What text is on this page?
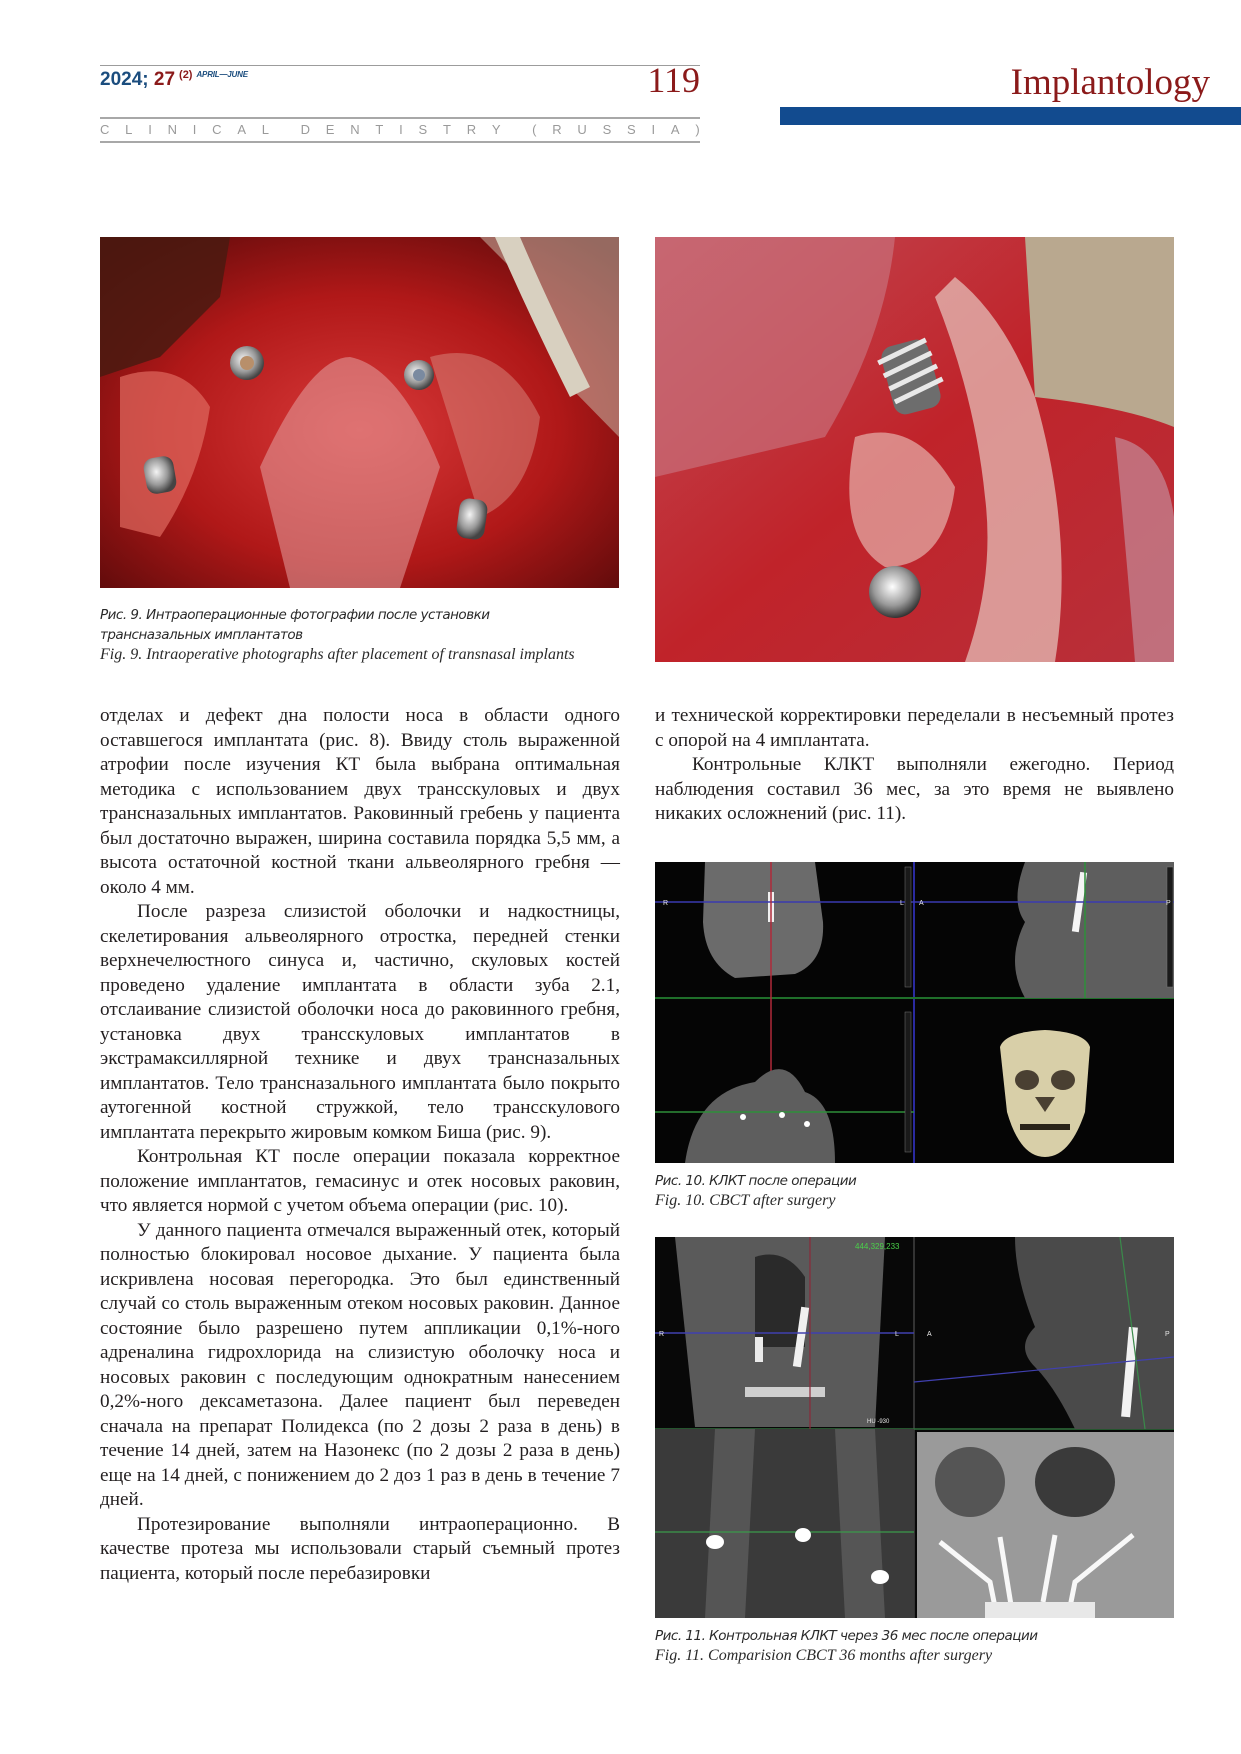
2024; 27 $^{(2)}$ $^{APRIL—JUNE}$	119
C L I N I C A L D E N T I S T R Y ( R U S S I A )
Implantology
Рис. 9. Интраоперационные фотографии после установки
трансназальных имплантатов
Fig. 9. Intraoperative photographs after placement of transnasal implants

отделах и дефект дна полости носа в области одного оставшегося имплантата (рис. 8). Ввиду столь выраженной атрофии после изучения КТ была выбрана оптимальная методика с использованием двух трансскуловых и двух трансназальных имплантатов. Раковинный гребень у пациента был достаточно выражен, ширина составила порядка 5,5 мм, а высота остаточной костной ткани альвеолярного гребня — около 4 мм.

После разреза слизистой оболочки и надкостницы, скелетирования альвеолярного отростка, передней стенки верхнечелюстного синуса и, частично, скуловых костей проведено удаление имплантата в области зуба 2.1, отслаивание слизистой оболочки носа до раковинного гребня, установка двух трансскуловых имплантатов в экстрамаксиллярной технике и двух трансназальных имплантатов. Тело трансназального имплантата было покрыто аутогенной костной стружкой, тело трансскулового имплантата перекрыто жировым комком Биша (рис. 9).

Контрольная КТ после операции показала корректное положение имплантатов, гемасинус и отек носовых раковин, что является нормой с учетом объема операции (рис. 10).

У данного пациента отмечался выраженный отек, который полностью блокировал носовое дыхание. У пациента была искривлена носовая перегородка. Это был единственный случай со столь выраженным отеком носовых раковин. Данное состояние было разрешено путем аппликации 0,1%-ного адреналина гидрохлорида на слизистую оболочку носа и носовых раковин с последующим однократным нанесением 0,2%-ного дексаметазона. Далее пациент был переведен сначала на препарат Полидекса (по 2 дозы 2 раза в день) в течение 14 дней, затем на Назонекс (по 2 дозы 2 раза в день) еще на 14 дней, с понижением до 2 доз 1 раз в день в течение 7 дней.

Протезирование выполняли интраоперационно. В качестве протеза мы использовали старый съемный протез пациента, который после перебазировки

и технической корректировки переделали в несъемный протез с опорой на 4 имплантата.

Контрольные КЛКТ выполняли ежегодно. Период наблюдения составил 36 мес, за это время не выявлено никаких осложнений (рис. 11).

R	L A	P
Рис. 10. КЛКТ после операции
Fig. 10. CBCT after surgery
444,329,233
HU -930
R	L	A	P
Рис. 11. Контрольная КЛКТ через 36 мес после операции
Fig. 11. Comparision CBCT 36 months after surgery
